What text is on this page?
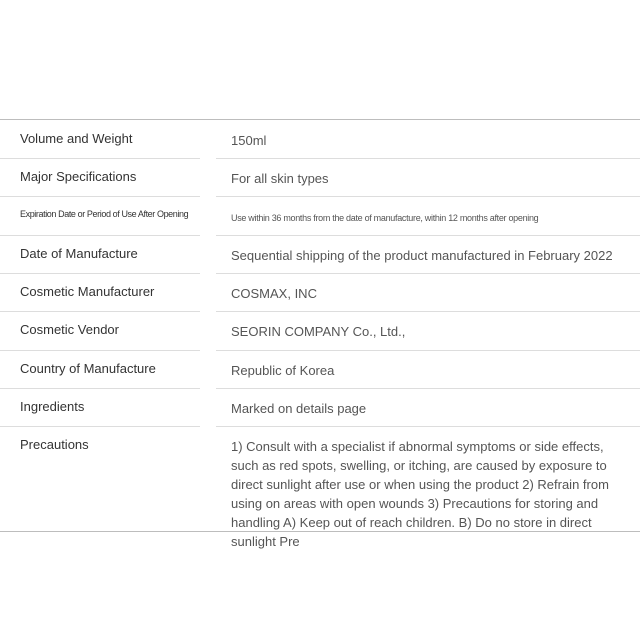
Volume and Weight	150ml
Major Specifications	For all skin types
Expiration Date or Period of Use After Opening	Use within 36 months from the date of manufacture, within 12 months after opening
Date of Manufacture	Sequential shipping of the product manufactured in February 2022
Cosmetic Manufacturer	COSMAX, INC
Cosmetic Vendor	SEORIN COMPANY Co., Ltd.,
Country of Manufacture	Republic of Korea
Ingredients	Marked on details page
Precautions	1) Consult with a specialist if abnormal symptoms or side effects, such as red spots, swelling, or itching, are caused by exposure to direct sunlight after use or when using the product 2) Refrain from using on areas with open wounds 3) Precautions for storing and handling A) Keep out of reach children. B) Do no store in direct sunlight Pre
